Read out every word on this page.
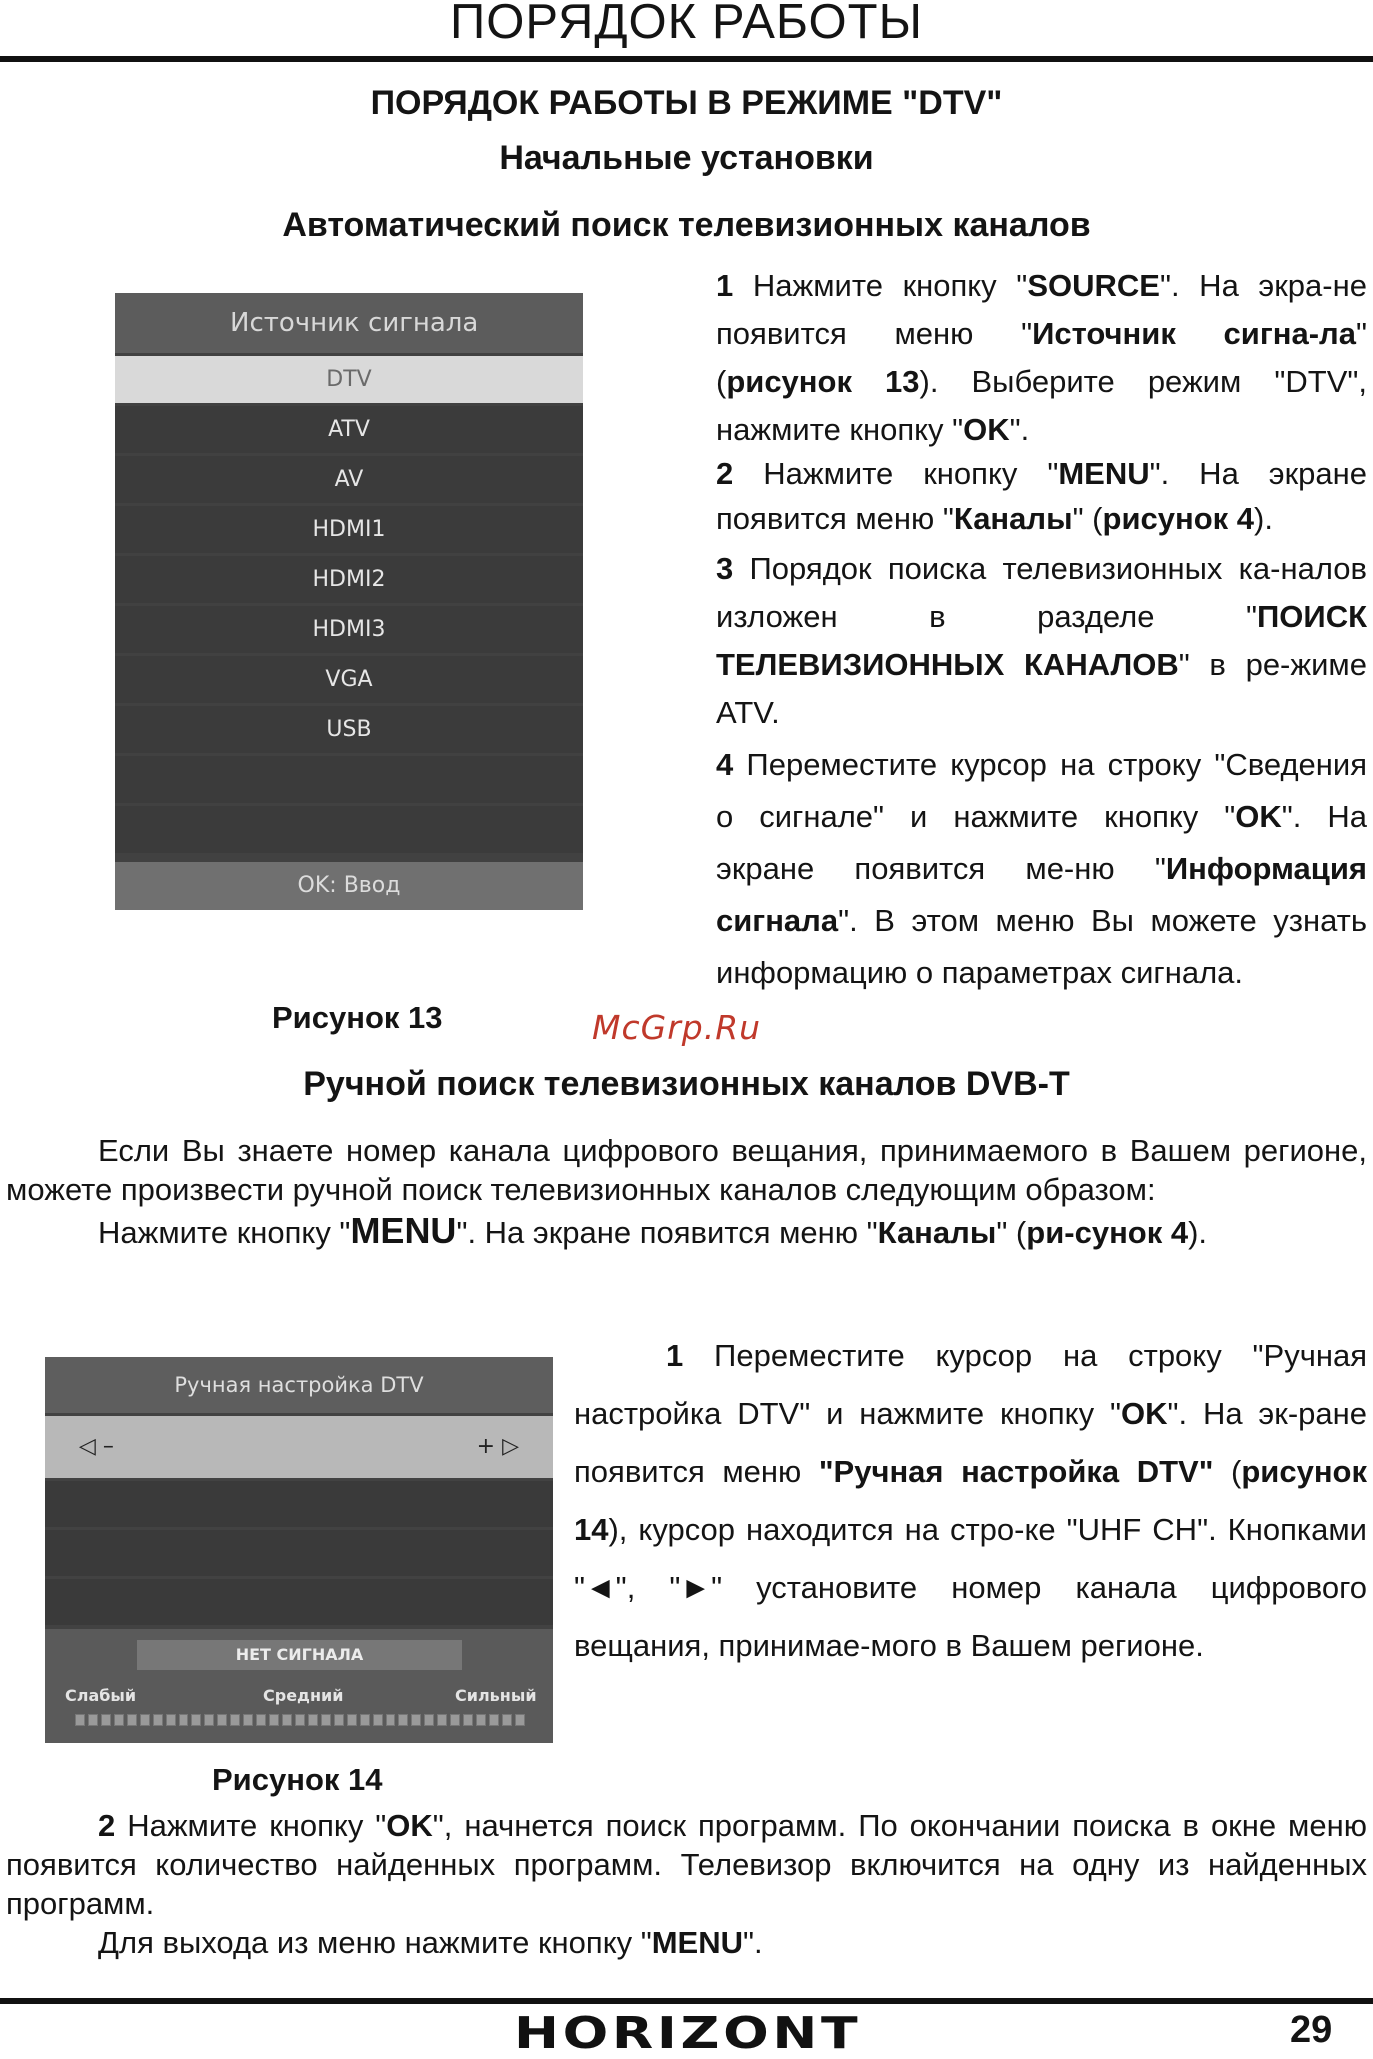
ПОРЯДОК РАБОТЫ
ПОРЯДОК РАБОТЫ В РЕЖИМЕ "DTV"
Начальные установки
Автоматический поиск телевизионных каналов
Источник сигнала
DTV
ATV
AV
HDMI1
HDMI2
HDMI3
VGA
USB
OK: Ввод
Рисунок 13

1 Нажмите кнопку "SOURCE". На экра-не появится меню "Источник сигна-ла" (рисунок 13). Выберите режим "DTV", нажмите кнопку "OK".

2 Нажмите кнопку "MENU". На экране появится меню "Каналы" (рисунок 4).

3 Порядок поиска телевизионных ка-налов изложен в разделе "ПОИСК ТЕЛЕВИЗИОННЫХ КАНАЛОВ" в ре-жиме ATV.

4 Переместите курсор на строку "Сведения о сигнале" и нажмите кнопку "OK". На экране появится ме-ню "Информация сигнала". В этом меню Вы можете узнать информацию о параметрах сигнала.

McGrp.Ru
Ручной поиск телевизионных каналов DVB-T

Если Вы знаете номер канала цифрового вещания, принимаемого в Вашем регионе, можете произвести ручной поиск телевизионных каналов следующим образом:

Нажмите кнопку "MENU". На экране появится меню "Каналы" (ри-сунок 4).

Ручная настройка DTV
◁ –	+ ▷
НЕТ СИГНАЛА
Слабый	Средний	Сильный
Рисунок 14

1 Переместите курсор на строку "Ручная настройка DTV" и нажмите кнопку "OK". На эк-ране появится меню "Ручная настройка DTV" (рисунок 14), курсор находится на стро-ке "UHF CH". Кнопками "◄", "►" установите номер канала цифрового вещания, принимае-мого в Вашем регионе.

2 Нажмите кнопку "OK", начнется поиск программ. По окончании поиска в окне меню появится количество найденных программ. Телевизор включится на одну из найденных программ.

Для выхода из меню нажмите кнопку "MENU".

HORIZONT	29
